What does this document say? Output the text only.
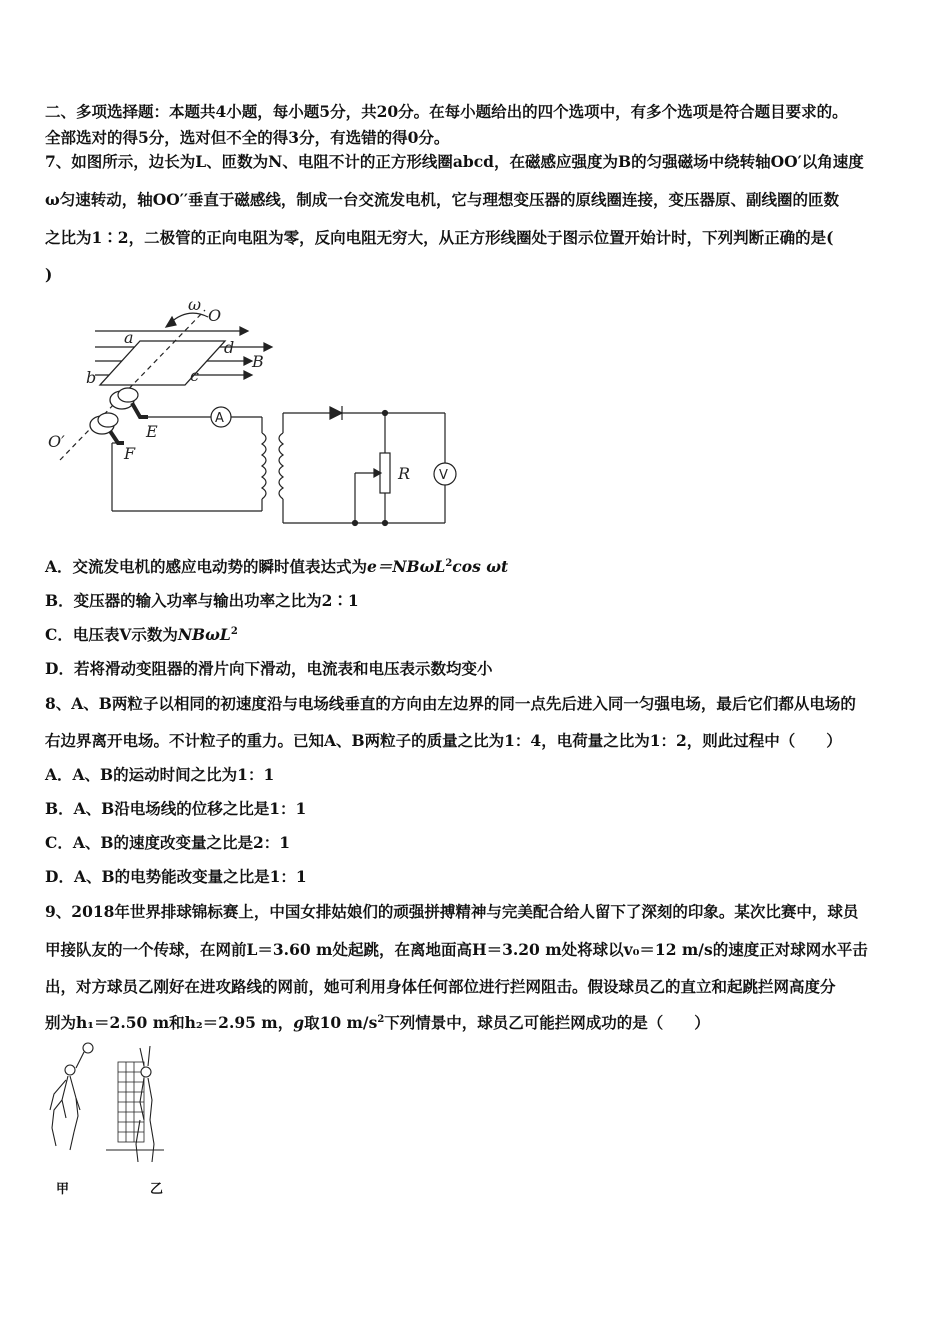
二、多项选择题：本题共4小题，每小题5分，共20分。在每小题给出的四个选项中，有多个选项是符合题目要求的。
全部选对的得5分，选对但不全的得3分，有选错的得0分。
7、如图所示，边长为L、匝数为N、电阻不计的正方形线圈abcd，在磁感应强度为B的匀强磁场中绕转轴OO′以角速度
ω匀速转动，轴OO′′垂直于磁感线，制成一台交流发电机，它与理想变压器的原线圈连接，变压器原、副线圈的匝数
之比为1∶2，二极管的正向电阻为零，反向电阻无穷大，从正方形线圈处于图示位置开始计时，下列判断正确的是(
)
ω
O
a
d
B
b	c
E
F
O′
A
R V
A．交流发电机的感应电动势的瞬时值表达式为e＝NBωL$^2$cos ωt
B．变压器的输入功率与输出功率之比为2∶1
C．电压表V示数为NBωL$^2$
D．若将滑动变阻器的滑片向下滑动，电流表和电压表示数均变小
8、A、B两粒子以相同的初速度沿与电场线垂直的方向由左边界的同一点先后进入同一匀强电场，最后它们都从电场的
右边界离开电场。不计粒子的重力。已知A、B两粒子的质量之比为1：4，电荷量之比为1：2，则此过程中（　　）
A．A、B的运动时间之比为1：1
B．A、B沿电场线的位移之比是1：1
C．A、B的速度改变量之比是2：1
D．A、B的电势能改变量之比是1：1
9、2018年世界排球锦标赛上，中国女排姑娘们的顽强拼搏精神与完美配合给人留下了深刻的印象。某次比赛中，球员
甲接队友的一个传球，在网前L＝3.60 m处起跳，在离地面高H＝3.20 m处将球以v₀＝12 m/s的速度正对球网水平击
出，对方球员乙刚好在进攻路线的网前，她可利用身体任何部位进行拦网阻击。假设球员乙的直立和起跳拦网高度分
别为h₁＝2.50 m和h₂＝2.95 m，g取10 $m/s^2$下列情景中，球员乙可能拦网成功的是（　　）
甲	乙
